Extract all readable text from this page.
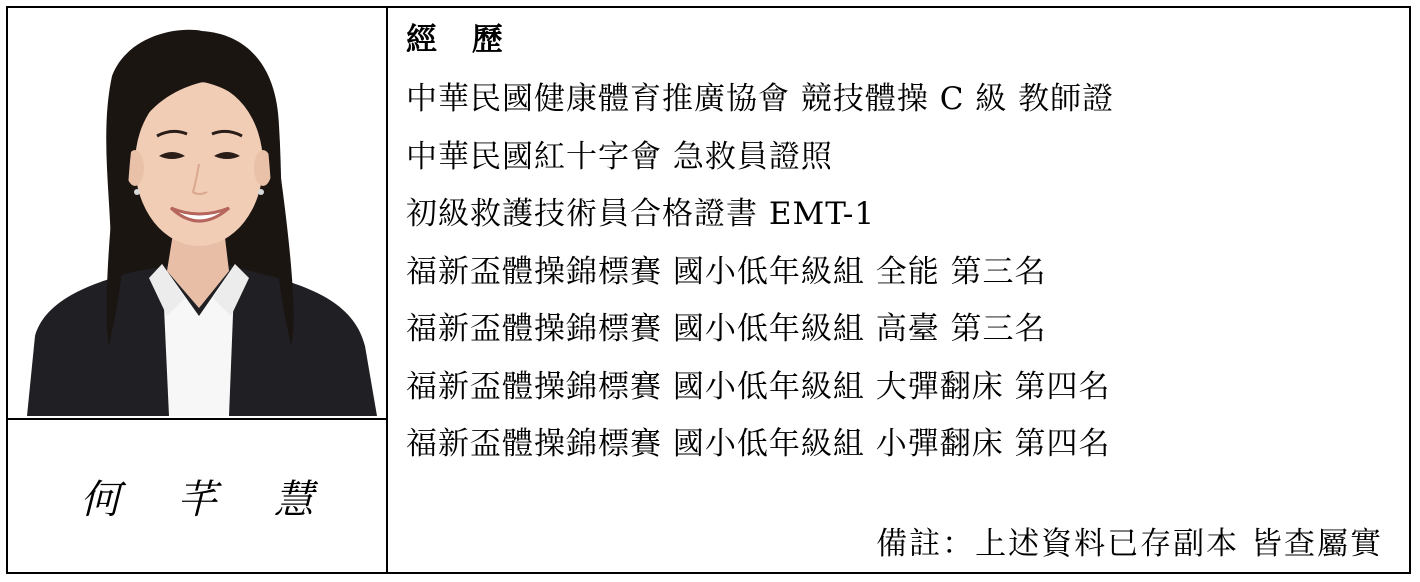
何 芊 慧
經 歷
中華民國健康體育推廣協會 競技體操 C 級 教師證
中華民國紅十字會 急救員證照
初級救護技術員合格證書 EMT-1
福新盃體操錦標賽 國小低年級組 全能 第三名
福新盃體操錦標賽 國小低年級組 高臺 第三名
福新盃體操錦標賽 國小低年級組 大彈翻床 第四名
福新盃體操錦標賽 國小低年級組 小彈翻床 第四名
備註：上述資料已存副本 皆查屬實
